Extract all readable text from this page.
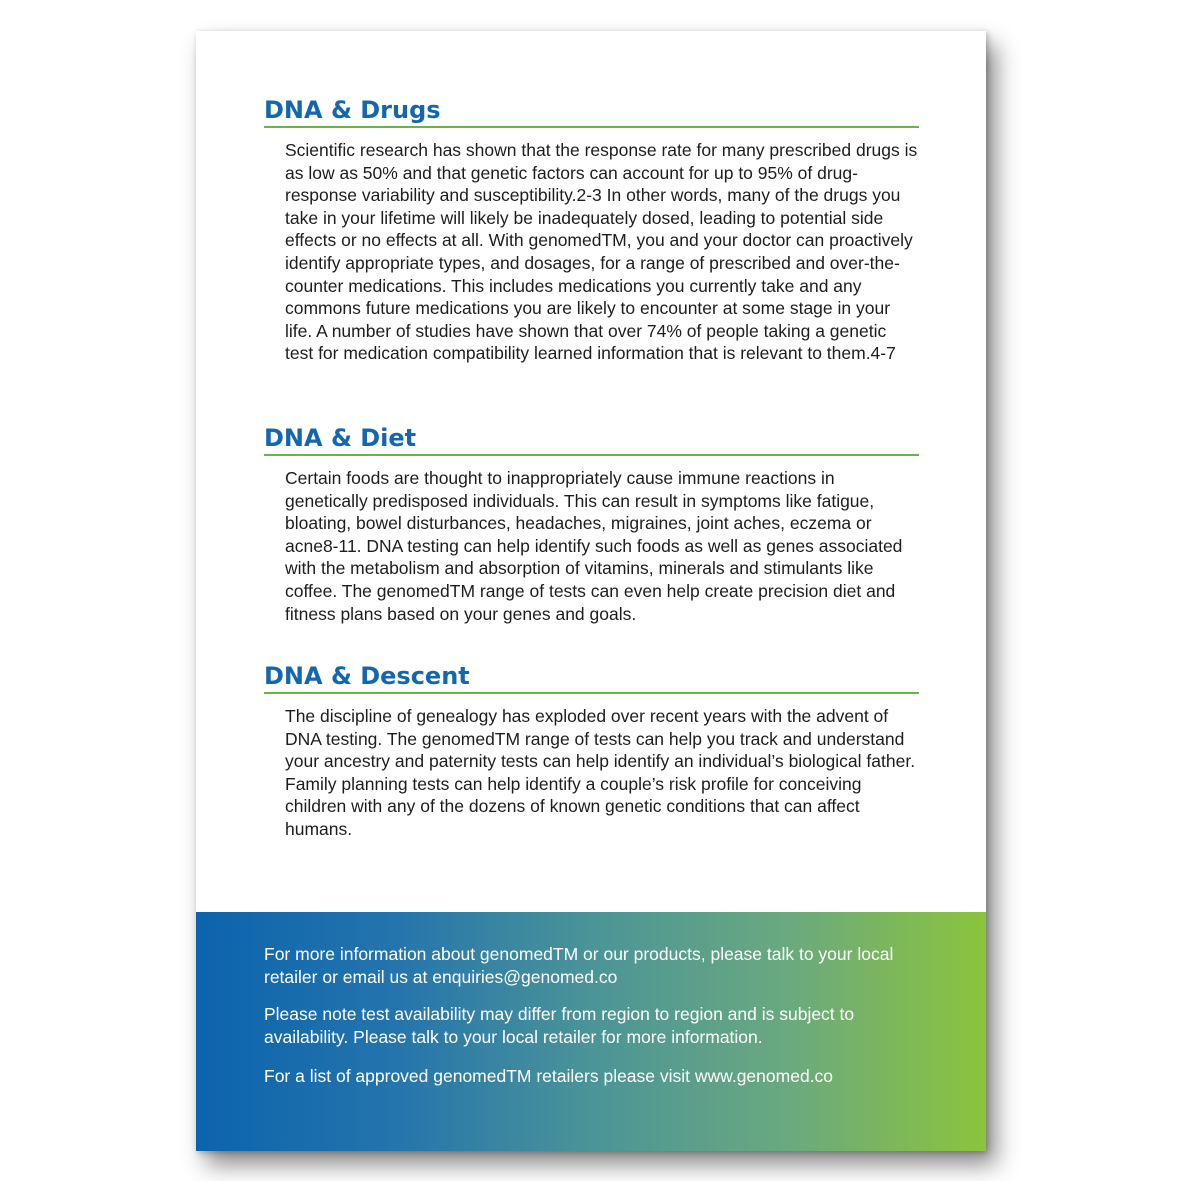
DNA & Drugs

Scientific research has shown that the response rate for many prescribed drugs is as low as 50% and that genetic factors can account for up to 95% of drug-response variability and susceptibility.2-3 In other words, many of the drugs you take in your lifetime will likely be inadequately dosed, leading to potential side effects or no effects at all. With genomedTM, you and your doctor can proactively identify appropriate types, and dosages, for a range of prescribed and over-the-counter medications. This includes medications you currently take and any commons future medications you are likely to encounter at some stage in your life. A number of studies have shown that over 74% of people taking a genetic test for medication compatibility learned information that is relevant to them.4-7

DNA & Diet

Certain foods are thought to inappropriately cause immune reactions in genetically predisposed individuals. This can result in symptoms like fatigue, bloating, bowel disturbances, headaches, migraines, joint aches, eczema or acne8-11. DNA testing can help identify such foods as well as genes associated with the metabolism and absorption of vitamins, minerals and stimulants like coffee. The genomedTM range of tests can even help create precision diet and fitness plans based on your genes and goals.

DNA & Descent

The discipline of genealogy has exploded over recent years with the advent of DNA testing. The genomedTM range of tests can help you track and understand your ancestry and paternity tests can help identify an individual’s biological father. Family planning tests can help identify a couple’s risk profile for conceiving children with any of the dozens of known genetic conditions that can affect humans.

For more information about genomedTM or our products, please talk to your local retailer or email us at enquiries@genomed.co

Please note test availability may differ from region to region and is subject to availability. Please talk to your local retailer for more information.

For a list of approved genomedTM retailers please visit www.genomed.co
